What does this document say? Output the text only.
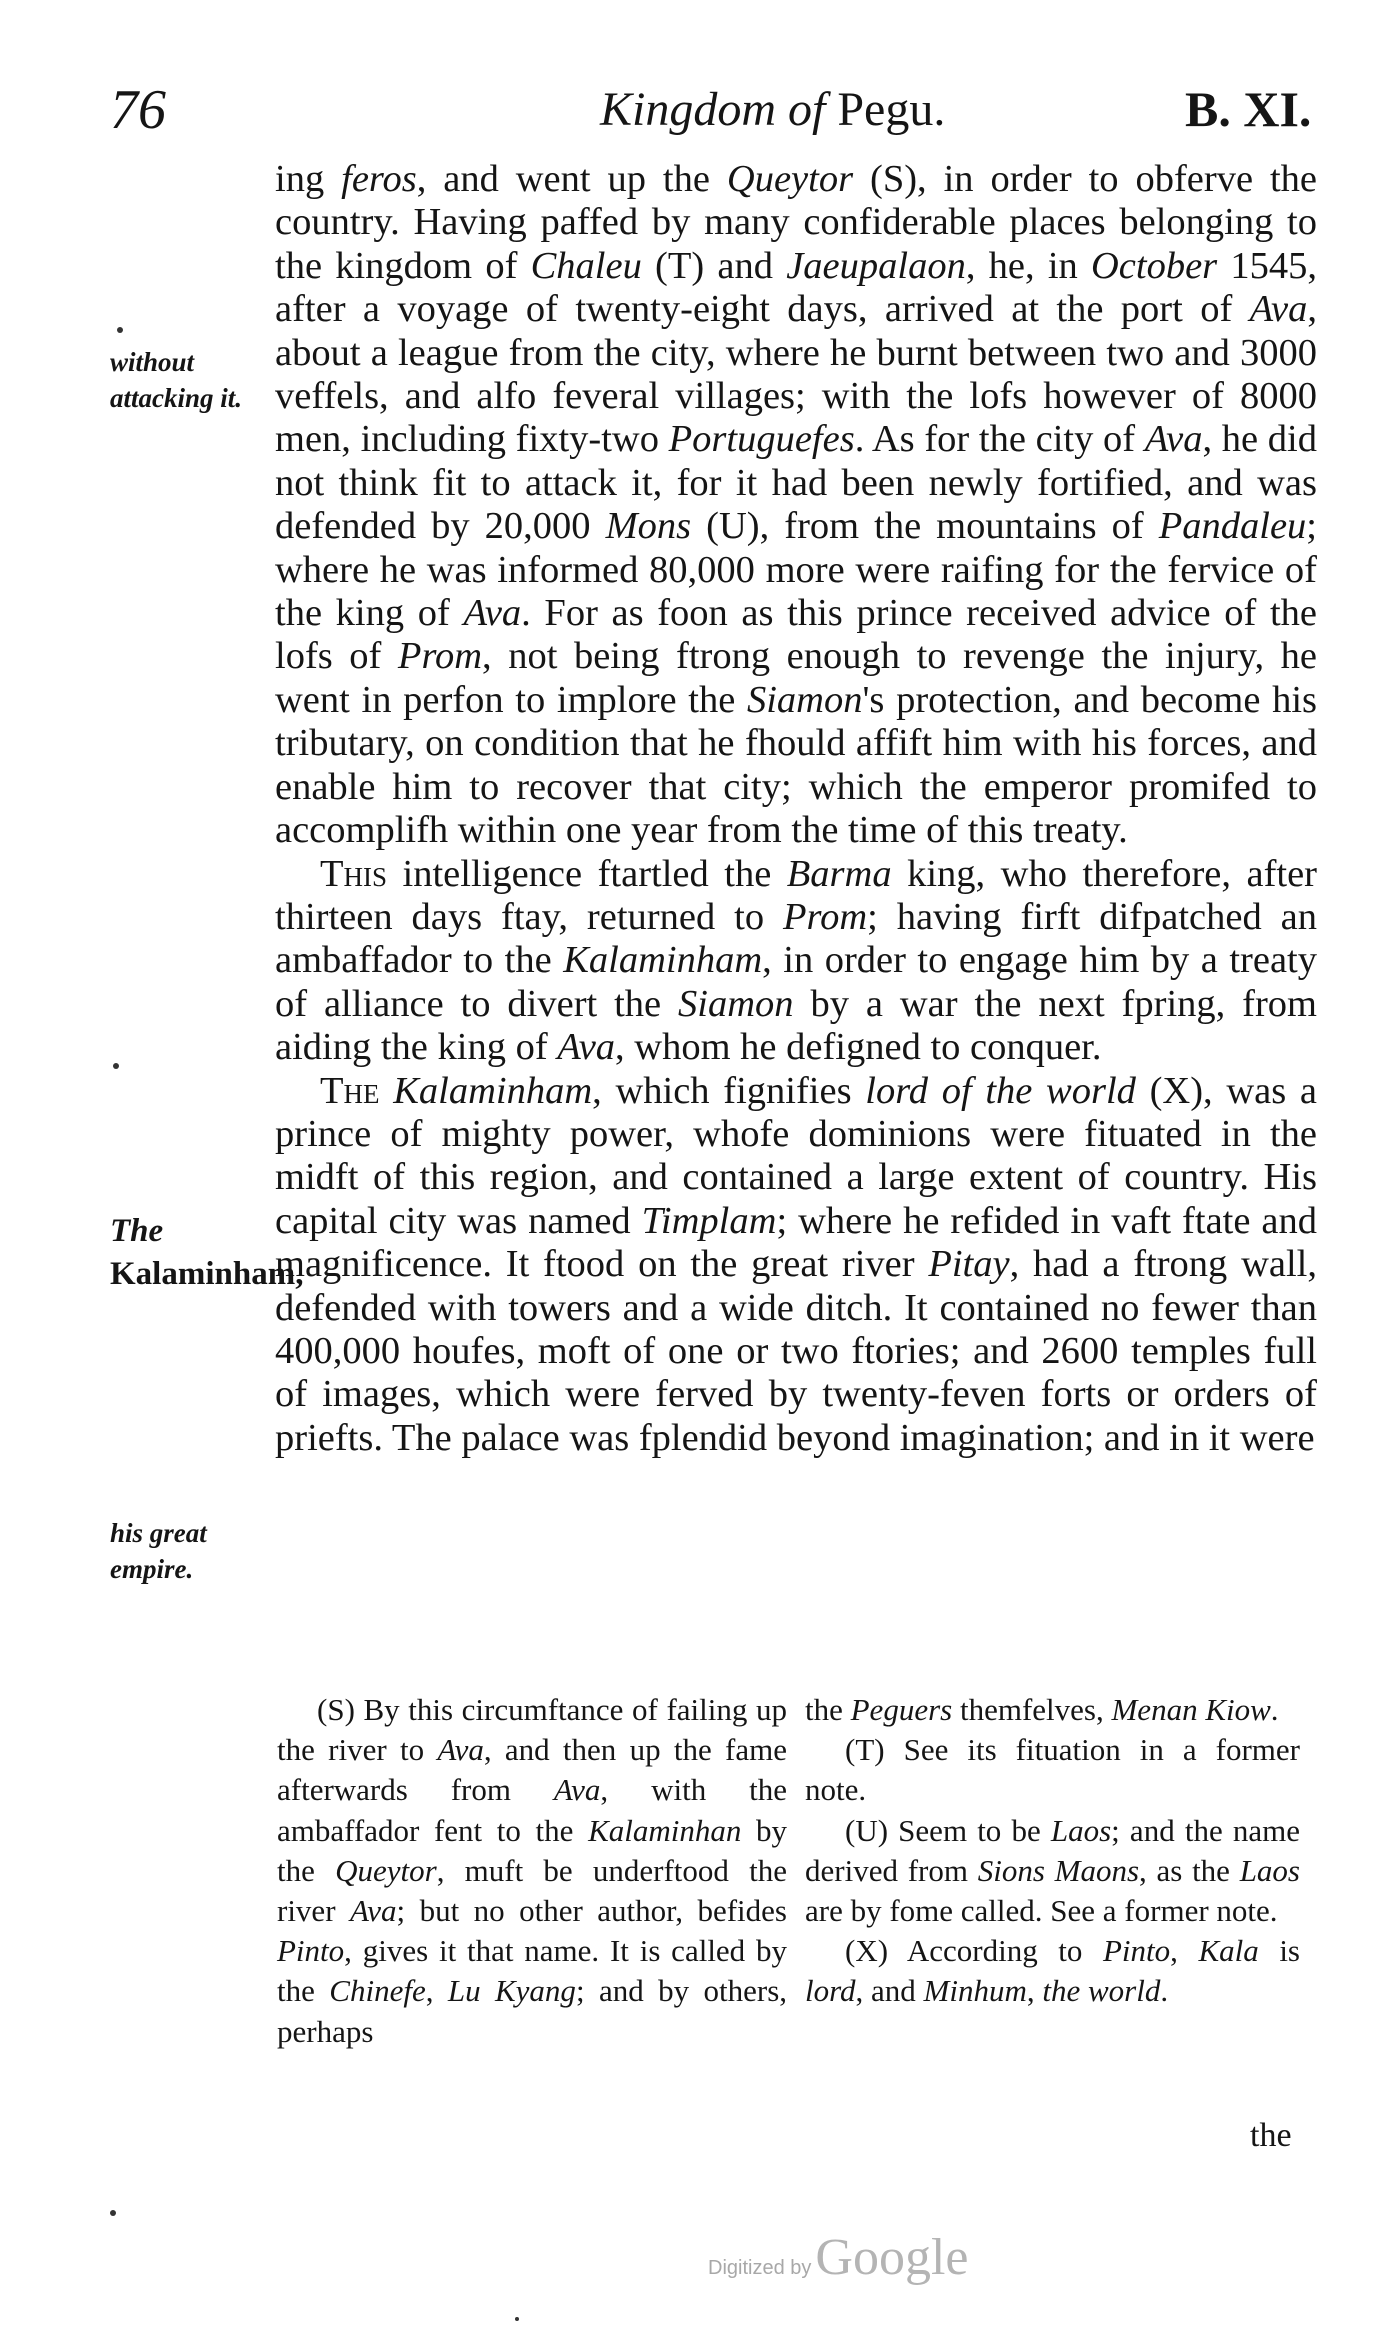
76	Kingdom of Pegu.	B. XI.
without attacking it.
The Kalaminham,
his great empire.

ing feros, and went up the Queytor (S), in order to obferve the country. Having paffed by many confiderable places belonging to the kingdom of Chaleu (T) and Jaeupalaon, he, in October 1545, after a voyage of twenty-eight days, arrived at the port of Ava, about a league from the city, where he burnt between two and 3000 veffels, and alfo feveral villages; with the lofs however of 8000 men, including fixty-two Portuguefes. As for the city of Ava, he did not think fit to attack it, for it had been newly fortified, and was defended by 20,000 Mons (U), from the mountains of Pandaleu; where he was informed 80,000 more were raifing for the fervice of the king of Ava. For as foon as this prince received advice of the lofs of Prom, not being ftrong enough to revenge the injury, he went in perfon to implore the Siamon's protection, and become his tributary, on condition that he fhould affift him with his forces, and enable him to recover that city; which the emperor promifed to accomplifh within one year from the time of this treaty.

This intelligence ftartled the Barma king, who therefore, after thirteen days ftay, returned to Prom; having firft difpatched an ambaffador to the Kalaminham, in order to engage him by a treaty of alliance to divert the Siamon by a war the next fpring, from aiding the king of Ava, whom he defigned to conquer.

The Kalaminham, which fignifies lord of the world (X), was a prince of mighty power, whofe dominions were fituated in the midft of this region, and contained a large extent of country. His capital city was named Timplam; where he refided in vaft ftate and magnificence. It ftood on the great river Pitay, had a ftrong wall, defended with towers and a wide ditch. It contained no fewer than 400,000 houfes, moft of one or two ftories; and 2600 temples full of images, which were ferved by twenty-feven forts or orders of priefts. The palace was fplendid beyond imagination; and in it were

(S) By this circumftance of failing up the river to Ava, and then up the fame afterwards from Ava, with the ambaffador fent to the Kalaminhan by the Queytor, muft be underftood the river Ava; but no other author, befides Pinto, gives it that name. It is called by the Chinefe, Lu Kyang; and by others, perhaps

the Peguers themfelves, Menan Kiow.

(T) See its fituation in a former note.

(U) Seem to be Laos; and the name derived from Sions Maons, as the Laos are by fome called. See a former note.

(X) According to Pinto, Kala is lord, and Minhum, the world.

the
Digitized by Google
